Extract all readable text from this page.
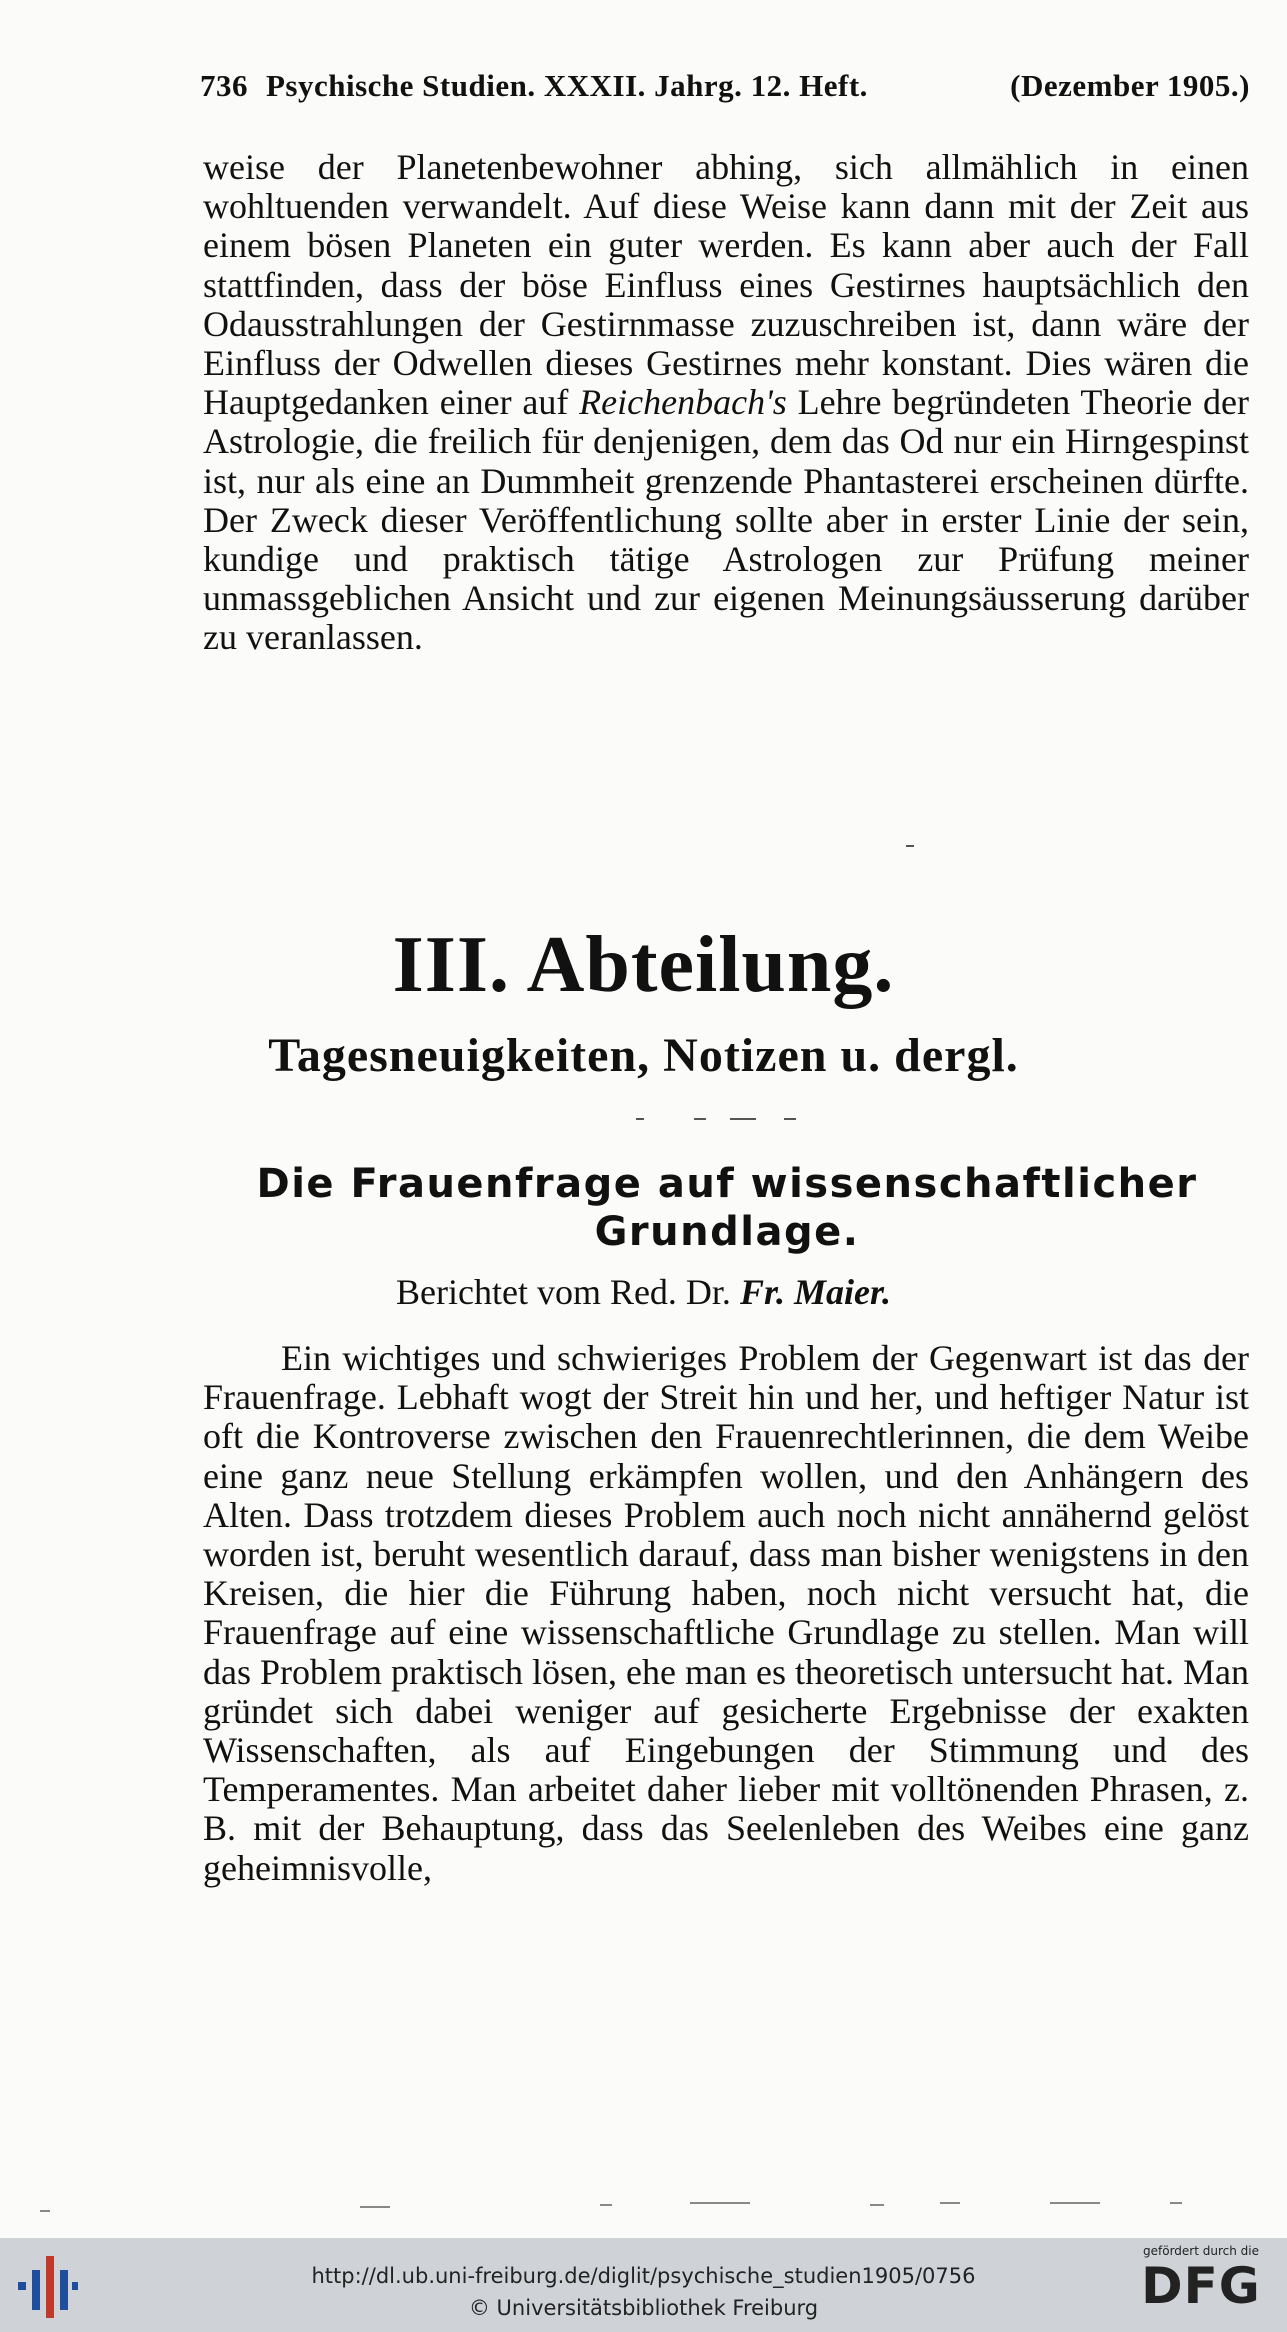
736 Psychische Studien. XXXII. Jahrg. 12. Heft.	(Dezember 1905.)

weise der Planetenbewohner abhing, sich allmählich in einen wohltuenden verwandelt. Auf diese Weise kann dann mit der Zeit aus einem bösen Planeten ein guter werden. Es kann aber auch der Fall stattfinden, dass der böse Einfluss eines Gestirnes hauptsächlich den Odausstrahlungen der Gestirnmasse zuzuschreiben ist, dann wäre der Einfluss der Odwellen dieses Gestirnes mehr konstant. Dies wären die Hauptgedanken einer auf Reichenbach's Lehre begründeten Theorie der Astrologie, die freilich für denjenigen, dem das Od nur ein Hirngespinst ist, nur als eine an Dummheit grenzende Phantasterei erscheinen dürfte. Der Zweck dieser Veröffentlichung sollte aber in erster Linie der sein, kundige und praktisch tätige Astrologen zur Prüfung meiner unmassgeblichen Ansicht und zur eigenen Meinungsäusserung darüber zu veranlassen.

III. Abteilung.
Tagesneuigkeiten, Notizen u. dergl.
Die Frauenfrage auf wissenschaftlicher Grundlage.
Berichtet vom Red. Dr. Fr. Maier.

Ein wichtiges und schwieriges Problem der Gegenwart ist das der Frauenfrage. Lebhaft wogt der Streit hin und her, und heftiger Natur ist oft die Kontroverse zwischen den Frauenrechtlerinnen, die dem Weibe eine ganz neue Stellung erkämpfen wollen, und den Anhängern des Alten. Dass trotzdem dieses Problem auch noch nicht annähernd gelöst worden ist, beruht wesentlich darauf, dass man bisher wenigstens in den Kreisen, die hier die Führung haben, noch nicht versucht hat, die Frauenfrage auf eine wissenschaftliche Grundlage zu stellen. Man will das Problem praktisch lösen, ehe man es theoretisch untersucht hat. Man gründet sich dabei weniger auf gesicherte Ergebnisse der exakten Wissenschaften, als auf Eingebungen der Stimmung und des Temperamentes. Man arbeitet daher lieber mit volltönenden Phrasen, z. B. mit der Behauptung, dass das Seelenleben des Weibes eine ganz geheimnisvolle,

http://dl.ub.uni-freiburg.de/diglit/psychische_studien1905/0756
© Universitätsbibliothek Freiburg
gefördert durch die
DFG
